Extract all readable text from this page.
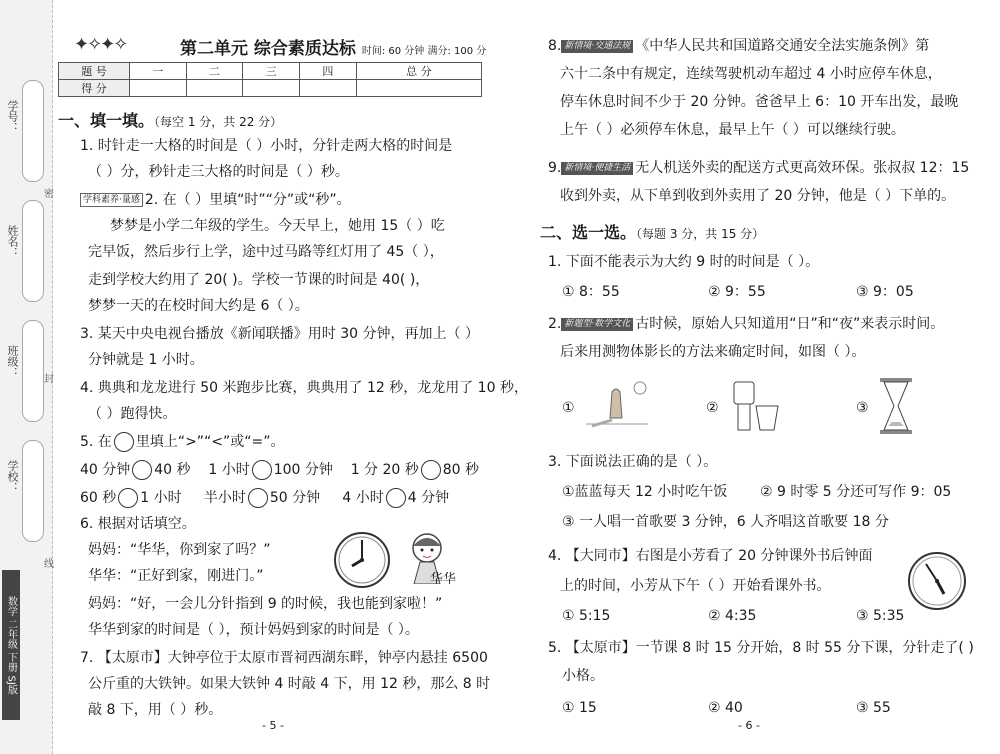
学号：
姓名：
班级：
学校：
密
封
线
数学 二年级 下册 SJ版
✦✧✦✧	第二单元 综合素质达标 时间: 60 分钟 满分: 100 分
题 号	一	二	三	四	总 分
得 分					
一、填一填。（每空 1 分，共 22 分）
1. 时针走一大格的时间是（ ）小时，分针走两大格的时间是
（ ）分，秒针走三大格的时间是（ ）秒。
学科素养·量感 2. 在（ ）里填“时”“分”或“秒”。
梦梦是小学二年级的学生。今天早上，她用 15（ ）吃
完早饭，然后步行上学，途中过马路等红灯用了 45（ ），
走到学校大约用了 20( )。学校一节课的时间是 40( )，
梦梦一天的在校时间大约是 6（ ）。
3. 某天中央电视台播放《新闻联播》用时 30 分钟，再加上（ ）
分钟就是 1 小时。
4. 典典和龙龙进行 50 米跑步比赛，典典用了 12 秒，龙龙用了 10 秒，
（ ）跑得快。
5. 在 里填上“>”“<”或“=”。
40 分钟 40 秒 1 小时 100 分钟 1 分 20 秒 80 秒
60 秒 1 小时 半小时 50 分钟 4 小时 4 分钟
6. 根据对话填空。
妈妈：“华华，你到家了吗？”
华华：“正好到家，刚进门。”
妈妈：“好，一会儿分针指到 9 的时候，我也能到家啦！”
华华到家的时间是（ ），预计妈妈到家的时间是（ ）。
华华
7. 【太原市】大钟亭位于太原市晋祠西湖东畔，钟亭内悬挂 6500
公斤重的大铁钟。如果大铁钟 4 时敲 4 下，用 12 秒，那么 8 时
敲 8 下，用（ ）秒。
- 5 -
8. 新情境·交通法规 《中华人民共和国道路交通安全法实施条例》第
六十二条中有规定，连续驾驶机动车超过 4 小时应停车休息，
停车休息时间不少于 20 分钟。爸爸早上 6：10 开车出发，最晚
上午（ ）必须停车休息，最早上午（ ）可以继续行驶。
9. 新情境·便捷生活 无人机送外卖的配送方式更高效环保。张叔叔 12：15
收到外卖，从下单到收到外卖用了 20 分钟，他是（ ）下单的。
二、选一选。（每题 3 分，共 15 分）
1. 下面不能表示为大约 9 时的时间是（ ）。
① 8：55	② 9：55	③ 9：05
2. 新题型·数学文化 古时候，原始人只知道用“日”和“夜”来表示时间。
后来用测物体影长的方法来确定时间，如图（ ）。
①	②	③
3. 下面说法正确的是（ ）。
①蓝蓝每天 12 小时吃午饭 ② 9 时零 5 分还可写作 9：05
③ 一人唱一首歌要 3 分钟，6 人齐唱这首歌要 18 分
4. 【大同市】右图是小芳看了 20 分钟课外书后钟面
上的时间，小芳从下午（ ）开始看课外书。
① 5:15	② 4:35	③ 5:35
5. 【太原市】一节课 8 时 15 分开始，8 时 55 分下课，分针走了( )
小格。
① 15	② 40	③ 55
- 6 -
